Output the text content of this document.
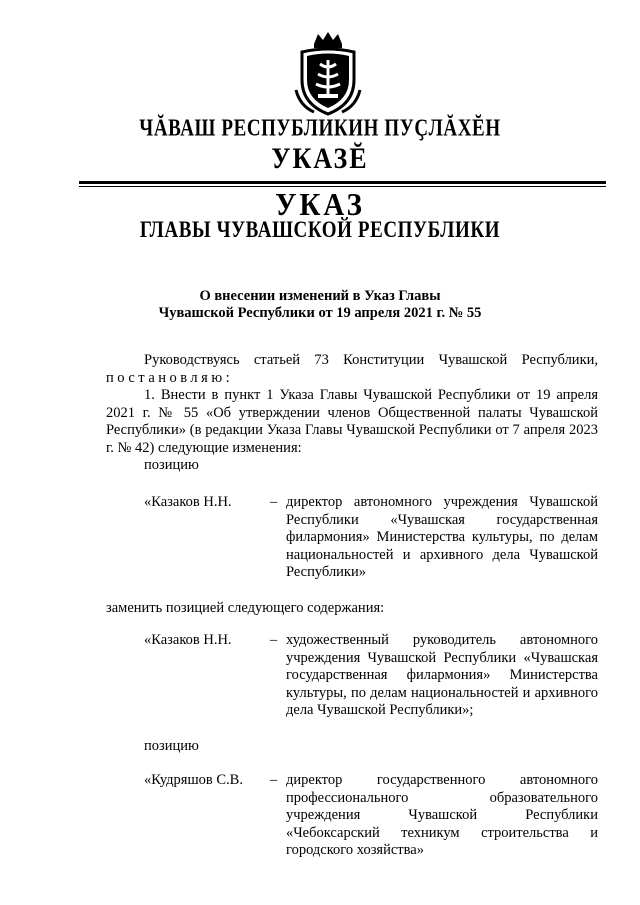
ЧĂВАШ РЕСПУБЛИКИН ПУҪЛĂХĔН
УКАЗĔ
УКАЗ
ГЛАВЫ ЧУВАШСКОЙ РЕСПУБЛИКИ
О внесении изменений в Указ Главы
Чувашской Республики от 19 апреля 2021 г. № 55

Руководствуясь статьей 73 Конституции Чувашской Республики,

постановляю:

1. Внести в пункт 1 Указа Главы Чувашской Республики от 19 апреля 2021 г. № 55 «Об утверждении членов Общественной палаты Чувашской Республики» (в редакции Указа Главы Чувашской Республики от 7 апреля 2023 г. № 42) следующие изменения:

позицию

«Казаков Н.Н.	– директор автономного учреждения Чувашской Республики «Чувашская государственная филармония» Министерства культуры, по делам национальностей и архивного дела Чувашской Республики»
заменить позицией следующего содержания:
«Казаков Н.Н.	– художественный руководитель автономного учреждения Чувашской Республики «Чувашская государственная филармония» Министерства культуры, по делам национальностей и архивного дела Чувашской Республики»;
позицию
«Кудряшов С.В. – директор государственного автономного профессионального образовательного учреждения Чувашской Республики «Чебоксарский техникум строительства и городского хозяйства»
